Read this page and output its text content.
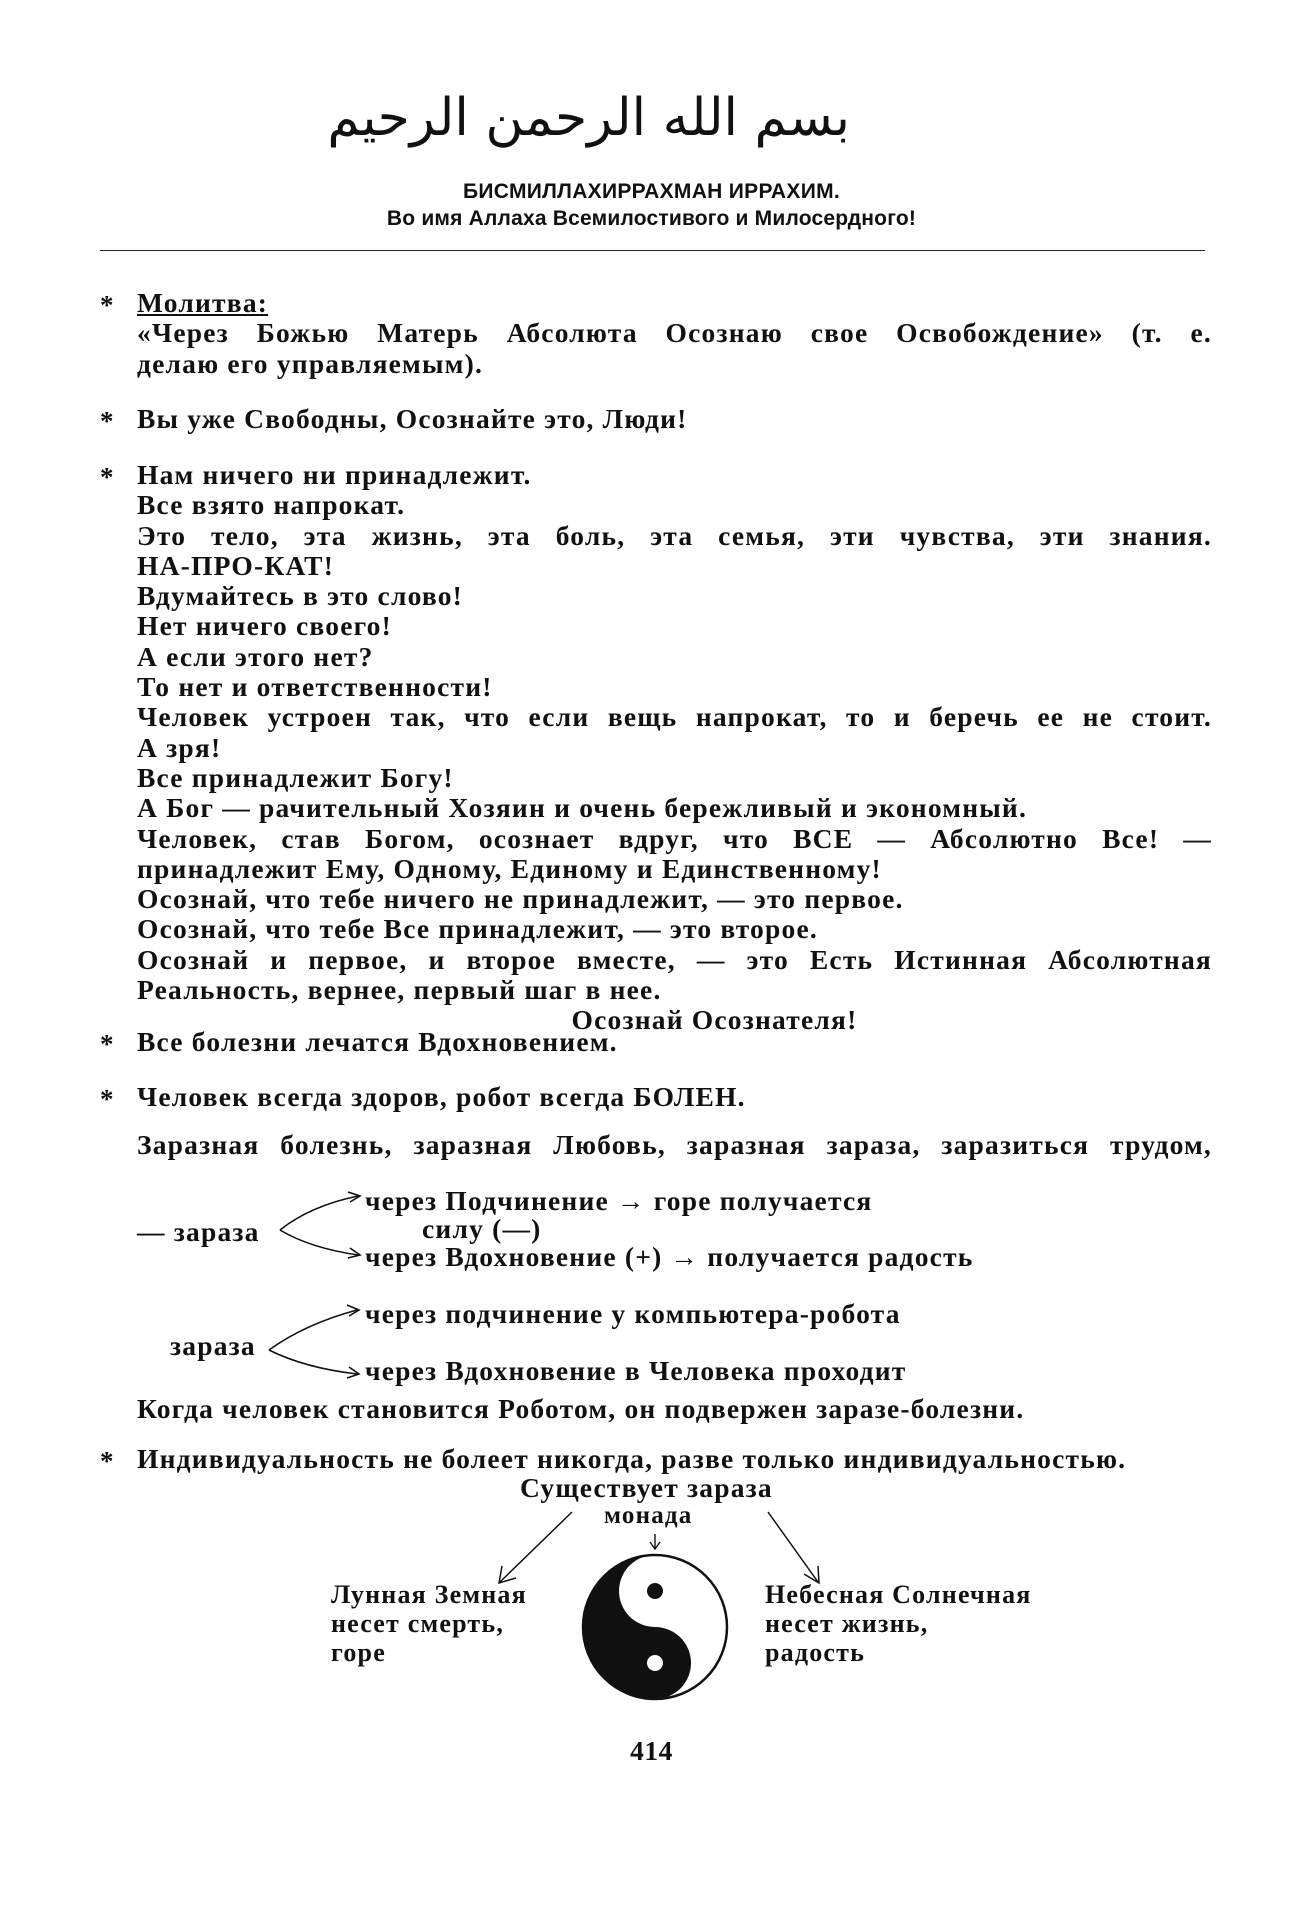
بسم الله الرحمن الرحيم
БИСМИЛЛАХИРРАХМАН ИРРАХИМ.
Во имя Аллаха Всемилостивого и Милосердного!
* Молитва:
«Через Божью Матерь Абсолюта Осознаю свое Освобождение» (т. е.
делаю его управляемым).
* Вы уже Свободны, Осознайте это, Люди!
* Нам ничего ни принадлежит.
Все взято напрокат.
Это тело, эта жизнь, эта боль, эта семья, эти чувства, эти знания.
НА-ПРО-КАТ!
Вдумайтесь в это слово!
Нет ничего своего!
А если этого нет?
То нет и ответственности!
Человек устроен так, что если вещь напрокат, то и беречь ее не стоит.
А зря!
Все принадлежит Богу!
А Бог — рачительный Хозяин и очень бережливый и экономный.
Человек, став Богом, осознает вдруг, что ВСЕ — Абсолютно Все! —
принадлежит Ему, Одному, Единому и Единственному!
Осознай, что тебе ничего не принадлежит, — это первое.
Осознай, что тебе Все принадлежит, — это второе.
Осознай и первое, и второе вместе, — это Есть Истинная Абсолютная
Реальность, вернее, первый шаг в нее.
Осознай Осознателя!
* Все болезни лечатся Вдохновением.
* Человек всегда здоров, робот всегда БОЛЕН.
Заразная болезнь, заразная Любовь, заразная зараза, заразиться трудом,
— зараза
через Подчинение → горе получается
силу (—)
через Вдохновение (+) → получается радость
зараза
через подчинение у компьютера-робота
через Вдохновение в Человека проходит
Когда человек становится Роботом, он подвержен заразе-болезни.
* Индивидуальность не болеет никогда, разве только индивидуальностью.
Существует зараза
монада
Лунная Земная
несет смерть,
горе
Небесная Солнечная
несет жизнь,
радость
414
